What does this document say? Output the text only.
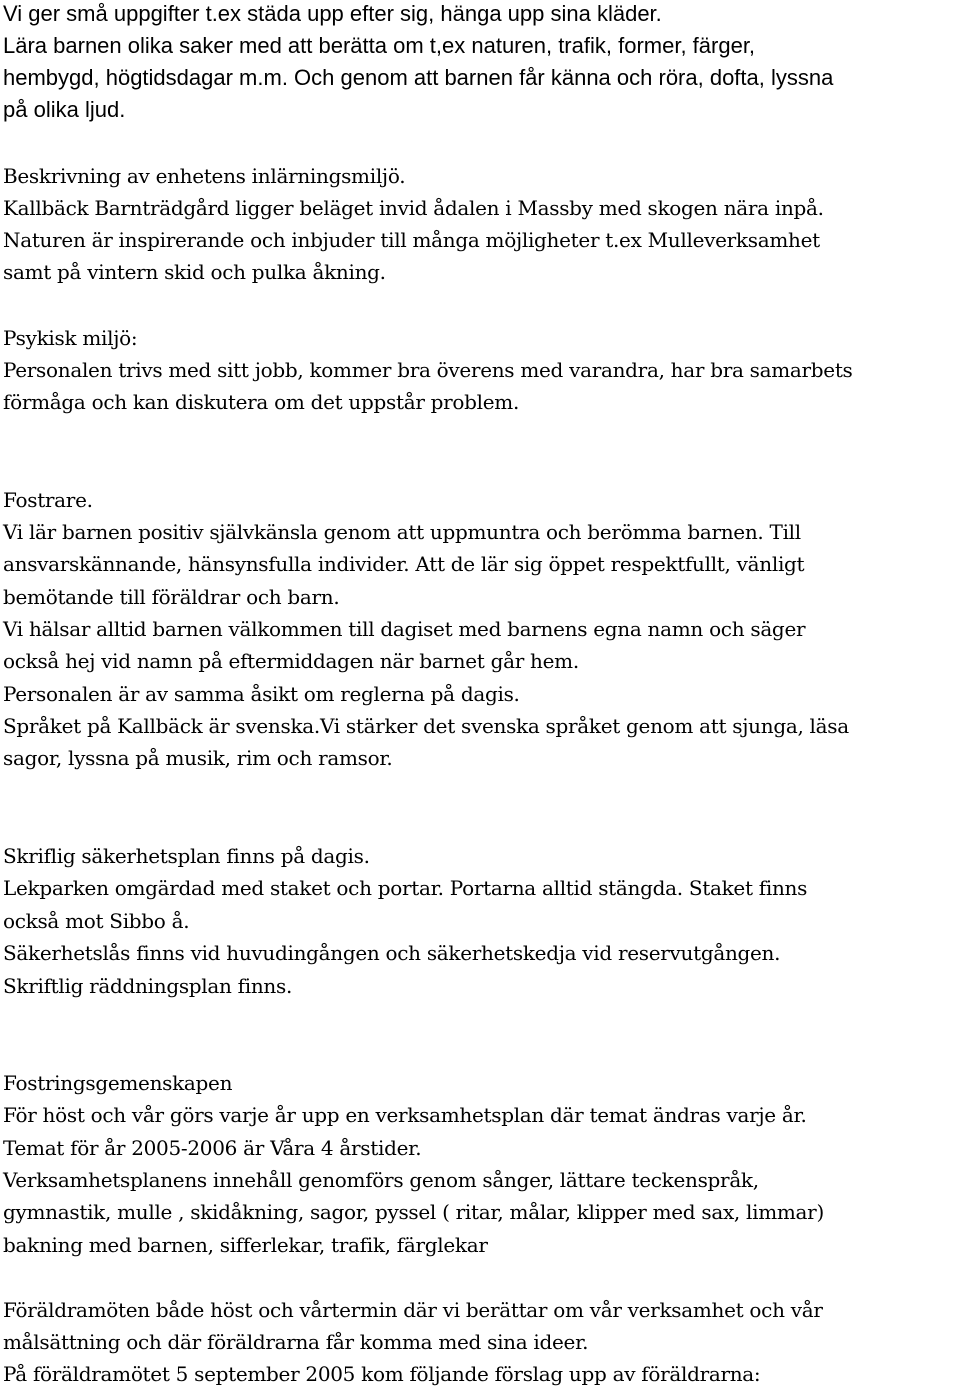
Vi ger små uppgifter t.ex städa upp efter sig, hänga upp sina kläder.
Lära barnen olika saker med att berätta om t,ex naturen, trafik, former, färger,
hembygd, högtidsdagar m.m. Och genom att barnen får känna och röra, dofta, lyssna
på olika ljud.
Beskrivning av enhetens inlärningsmiljö.
Kallbäck Barnträdgård ligger beläget invid ådalen i Massby med skogen nära inpå.
Naturen är inspirerande och inbjuder till många möjligheter t.ex Mulleverksamhet
samt på vintern skid och pulka åkning.
Psykisk miljö:
Personalen trivs med sitt jobb, kommer bra överens med varandra, har bra samarbets
förmåga och kan diskutera om det uppstår problem.
Fostrare.
Vi lär barnen positiv självkänsla genom att uppmuntra och berömma barnen. Till
ansvarskännande, hänsynsfulla individer. Att de lär sig öppet respektfullt, vänligt
bemötande till föräldrar och barn.
Vi hälsar alltid barnen välkommen till dagiset med barnens egna namn och säger
också hej vid namn på eftermiddagen när barnet går hem.
Personalen är av samma åsikt om reglerna på dagis.
Språket på Kallbäck är svenska.Vi stärker det svenska språket genom att sjunga, läsa
sagor, lyssna på musik, rim och ramsor.
Skriflig säkerhetsplan finns på dagis.
Lekparken omgärdad med staket och portar. Portarna alltid stängda. Staket finns
också mot Sibbo å.
Säkerhetslås finns vid huvudingången och säkerhetskedja vid reservutgången.
Skriftlig räddningsplan finns.
Fostringsgemenskapen
För höst och vår görs varje år upp en verksamhetsplan där temat ändras varje år.
Temat för år 2005-2006 är Våra 4 årstider.
Verksamhetsplanens innehåll genomförs genom sånger, lättare teckenspråk,
gymnastik, mulle , skidåkning, sagor, pyssel ( ritar, målar, klipper med sax, limmar)
bakning med barnen, sifferlekar, trafik, färglekar
Föräldramöten både höst och vårtermin där vi berättar om vår verksamhet och vår
målsättning och där föräldrarna får komma med sina ideer.
På föräldramötet 5 september 2005 kom följande förslag upp av föräldrarna:
